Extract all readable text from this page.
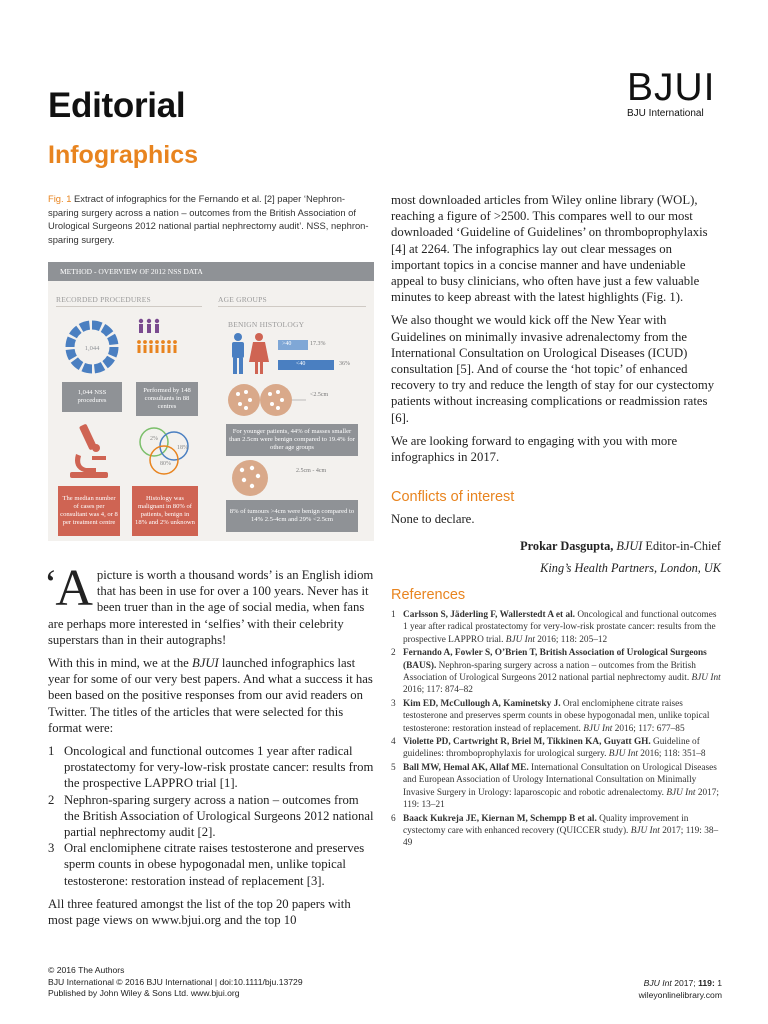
Editorial
Infographics
BJUI
BJU International
Fig. 1 Extract of infographics for the Fernando et al. [2] paper ‘Nephron-sparing surgery across a nation – outcomes from the British Association of Urological Surgeons 2012 national partial nephrectomy audit’. NSS, nephron-sparing surgery.
METHOD - OVERVIEW OF 2012 NSS DATA
RECORDED PROCEDURES	AGE GROUPS
1,044
1,044 NSS procedures
Performed by 148 consultants in 88 centres
2%
18%
80%
The median number of cases per consultant was 4, or 8 per treatment centre
Histology was malignant in 80% of patients, benign in 18% and 2% unknown
BENIGN HISTOLOGY
>40	17.3%
<40	36%
<2.5cm
For younger patients, 44% of masses smaller than 2.5cm were benign compared to 19.4% for other age groups
2.5cm - 4cm
8% of tumours >4cm were benign compared to 14% 2.5-4cm and 29% <2.5cm

‘A picture is worth a thousand words’ is an English idiom that has been in use for over a 100 years. Never has it been truer than in the age of social media, when fans are perhaps more interested in ‘selfies’ with their celebrity superstars than in their autographs!

With this in mind, we at the BJUI launched infographics last year for some of our very best papers. And what a success it has been based on the positive responses from our avid readers on Twitter. The titles of the articles that were selected for this format were:

1 Oncological and functional outcomes 1 year after radical prostatectomy for very-low-risk prostate cancer: results from the prospective LAPPRO trial [1].
2 Nephron-sparing surgery across a nation – outcomes from the British Association of Urological Surgeons 2012 national partial nephrectomy audit [2].
3 Oral enclomiphene citrate raises testosterone and preserves sperm counts in obese hypogonadal men, unlike topical testosterone: restoration instead of replacement [3].

All three featured amongst the list of the top 20 papers with most page views on www.bjui.org and the top 10

most downloaded articles from Wiley online library (WOL), reaching a figure of >2500. This compares well to our most downloaded ‘Guideline of Guidelines’ on thromboprophylaxis [4] at 2264. The infographics lay out clear messages on important topics in a concise manner and have undeniable appeal to busy clinicians, who often have just a few valuable minutes to keep abreast with the latest highlights (Fig. 1).

We also thought we would kick off the New Year with Guidelines on minimally invasive adrenalectomy from the International Consultation on Urological Diseases (ICUD) consultation [5]. And of course the ‘hot topic’ of enhanced recovery to try and reduce the length of stay for our cystectomy patients without increasing complications or readmission rates [6].

We are looking forward to engaging with you with more infographics in 2017.

Conflicts of interest
None to declare.
Prokar Dasgupta, BJUI Editor-in-Chief
King’s Health Partners, London, UK
References
1 Carlsson S, Jäderling F, Wallerstedt A et al. Oncological and functional outcomes 1 year after radical prostatectomy for very-low-risk prostate cancer: results from the prospective LAPPRO trial. BJU Int 2016; 118: 205–12
2 Fernando A, Fowler S, O’Brien T, British Association of Urological Surgeons (BAUS). Nephron-sparing surgery across a nation – outcomes from the British Association of Urological Surgeons 2012 national partial nephrectomy audit. BJU Int 2016; 117: 874–82
3 Kim ED, McCullough A, Kaminetsky J. Oral enclomiphene citrate raises testosterone and preserves sperm counts in obese hypogonadal men, unlike topical testosterone: restoration instead of replacement. BJU Int 2016; 117: 677–85
4 Violette PD, Cartwright R, Briel M, Tikkinen KA, Guyatt GH. Guideline of guidelines: thromboprophylaxis for urological surgery. BJU Int 2016; 118: 351–8
5 Ball MW, Hemal AK, Allaf ME. International Consultation on Urological Diseases and European Association of Urology International Consultation on Minimally Invasive Surgery in Urology: laparoscopic and robotic adrenalectomy. BJU Int 2017; 119: 13–21
6 Baack Kukreja JE, Kiernan M, Schempp B et al. Quality improvement in cystectomy care with enhanced recovery (QUICCER study). BJU Int 2017; 119: 38–49
© 2016 The Authors
BJU International © 2016 BJU International | doi:10.1111/bju.13729
Published by John Wiley & Sons Ltd. www.bjui.org
BJU Int 2017; 119: 1
wileyonlinelibrary.com
